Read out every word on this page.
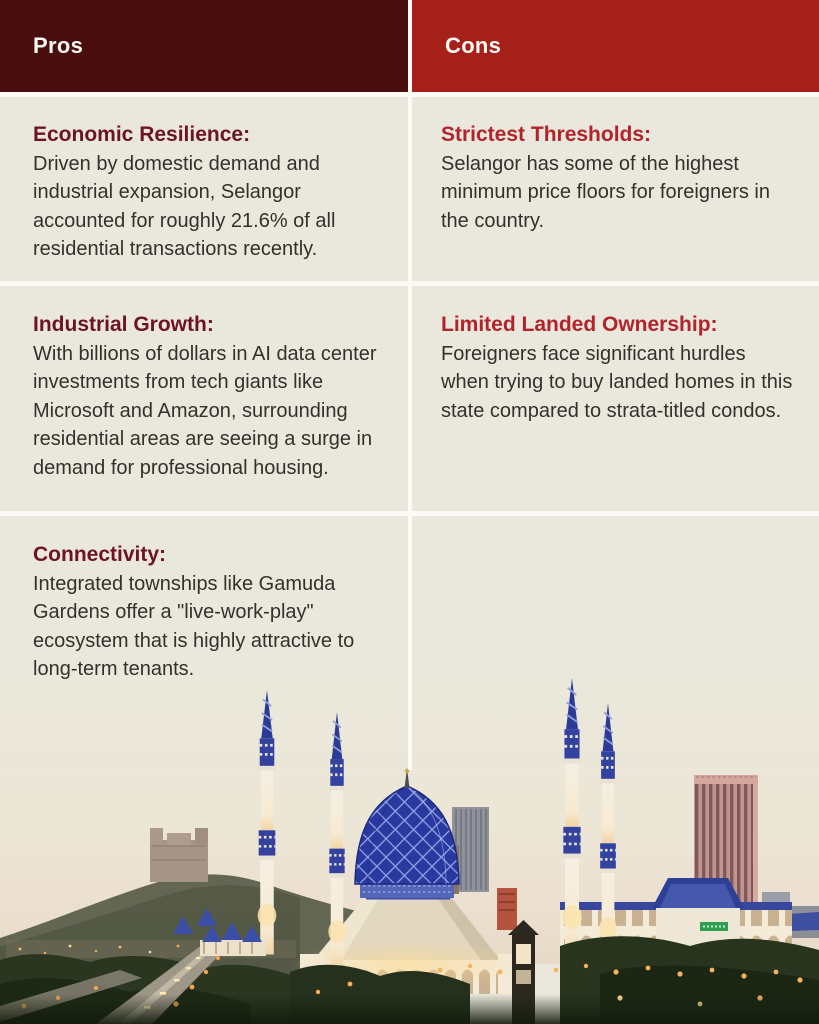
Pros	Cons
Economic Resilience:
Driven by domestic demand and industrial expansion, Selangor accounted for roughly 21.6% of all residential transactions recently.
Industrial Growth:
With billions of dollars in AI data center investments from tech giants like Microsoft and Amazon, surrounding residential areas are seeing a surge in demand for professional housing.
Connectivity:
Integrated townships like Gamuda Gardens offer a "live-work-play" ecosystem that is highly attractive to long-term tenants.
Strictest Thresholds:
Selangor has some of the highest minimum price floors for foreigners in the country.
Limited Landed Ownership:
Foreigners face significant hurdles when trying to buy landed homes in this state compared to strata-titled condos.
